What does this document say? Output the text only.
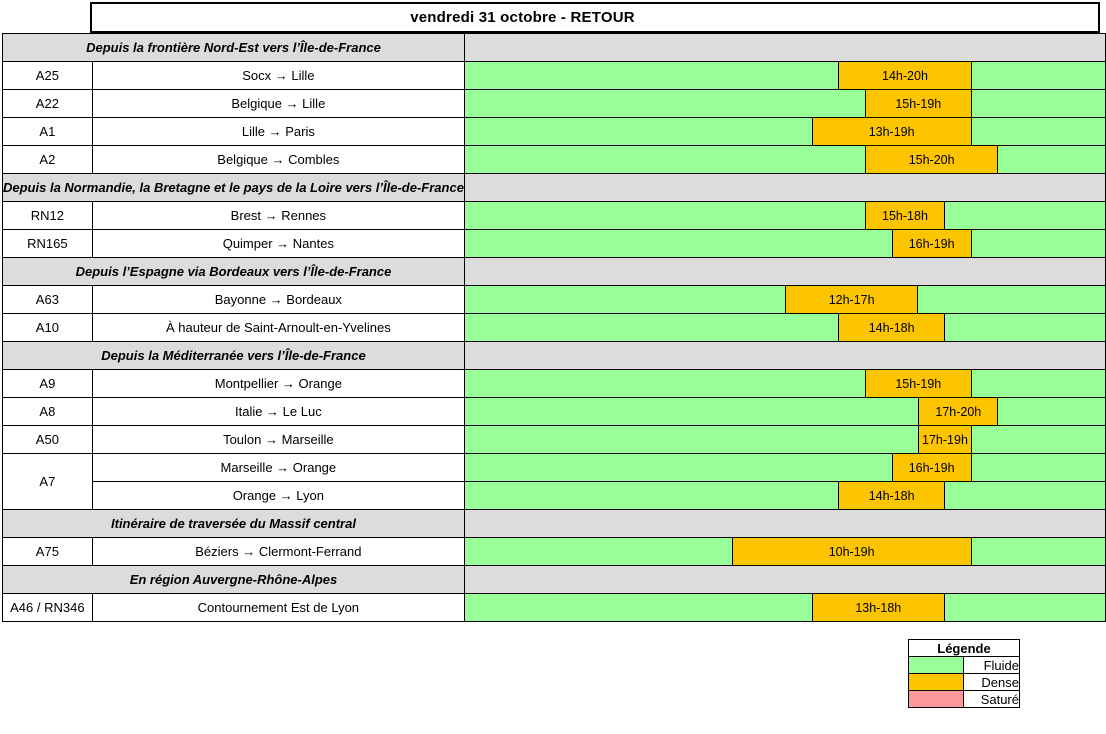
vendredi 31 octobre - RETOUR
Depuis la frontière Nord-Est vers l’Île-de-France		
A25	Socx → Lille	14h-20h

A22	Belgique → Lille	15h-19h

A1	Lille → Paris	13h-19h

A2	Belgique → Combles	15h-20h

Depuis la Normandie, la Bretagne et le pays de la Loire vers l’Île-de-France		
RN12	Brest → Rennes	15h-18h

RN165	Quimper → Nantes	16h-19h

Depuis l’Espagne via Bordeaux vers l’Île-de-France		
A63	Bayonne → Bordeaux	12h-17h

A10	À hauteur de Saint-Arnoult-en-Yvelines	14h-18h

Depuis la Méditerranée vers l’Île-de-France		
A9	Montpellier → Orange	15h-19h

A8	Italie → Le Luc	17h-20h

A50	Toulon → Marseille	17h-19h

A7	Marseille → Orange	16h-19h

	Orange → Lyon	14h-18h

Itinéraire de traversée du Massif central		
A75	Béziers → Clermont-Ferrand	10h-19h

En région Auvergne-Rhône-Alpes		
A46 / RN346	Contournement Est de Lyon	13h-18h
Légende	
	Fluide
	Dense
	Saturé
